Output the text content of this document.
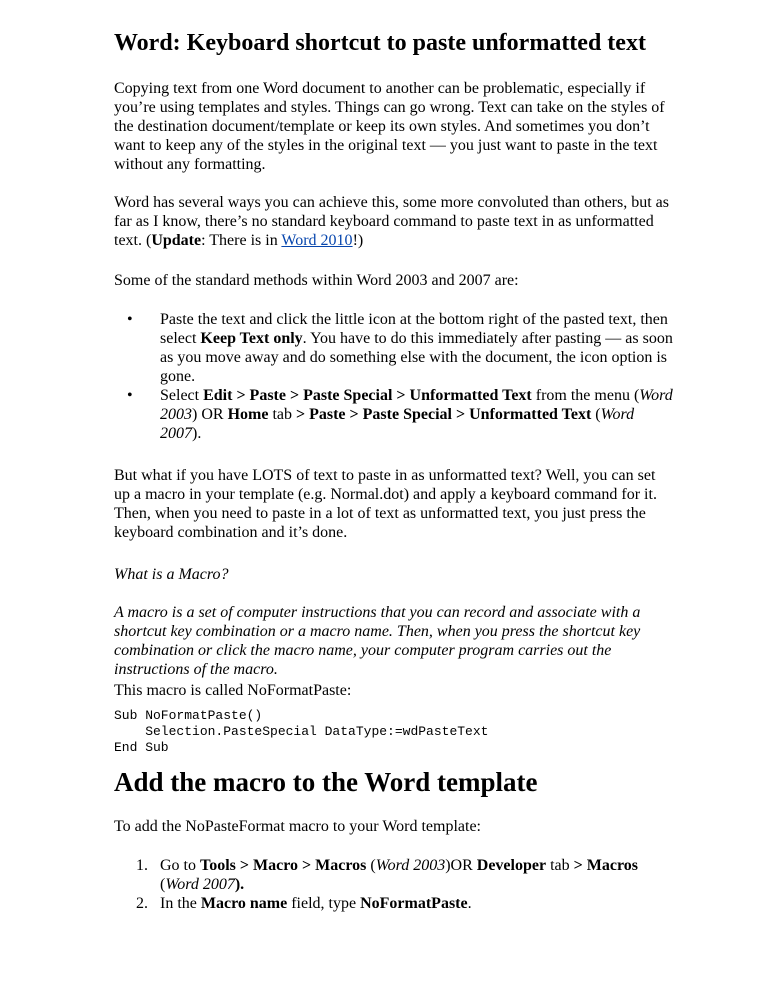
Word: Keyboard shortcut to paste unformatted text

Copying text from one Word document to another can be problematic, especially if you’re using templates and styles. Things can go wrong. Text can take on the styles of the destination document/template or keep its own styles. And sometimes you don’t want to keep any of the styles in the original text — you just want to paste in the text without any formatting.

Word has several ways you can achieve this, some more convoluted than others, but as far as I know, there’s no standard keyboard command to paste text in as unformatted text. (Update: There is in Word 2010!)

Some of the standard methods within Word 2003 and 2007 are:

• Paste the text and click the little icon at the bottom right of the pasted text, then select Keep Text only. You have to do this immediately after pasting — as soon as you move away and do something else with the document, the icon option is gone.
• Select Edit > Paste > Paste Special > Unformatted Text from the menu (Word 2003) OR Home tab > Paste > Paste Special > Unformatted Text (Word 2007).

But what if you have LOTS of text to paste in as unformatted text? Well, you can set up a macro in your template (e.g. Normal.dot) and apply a keyboard command for it. Then, when you need to paste in a lot of text as unformatted text, you just press the keyboard combination and it’s done.

What is a Macro?

A macro is a set of computer instructions that you can record and associate with a shortcut key combination or a macro name. Then, when you press the shortcut key combination or click the macro name, your computer program carries out the instructions of the macro.

This macro is called NoFormatPaste:

Sub NoFormatPaste()
Selection.PasteSpecial DataType:=wdPasteText
End Sub
Add the macro to the Word template

To add the NoPasteFormat macro to your Word template:

1. Go to Tools > Macro > Macros (Word 2003)OR Developer tab > Macros (Word 2007).
2. In the Macro name field, type NoFormatPaste.
